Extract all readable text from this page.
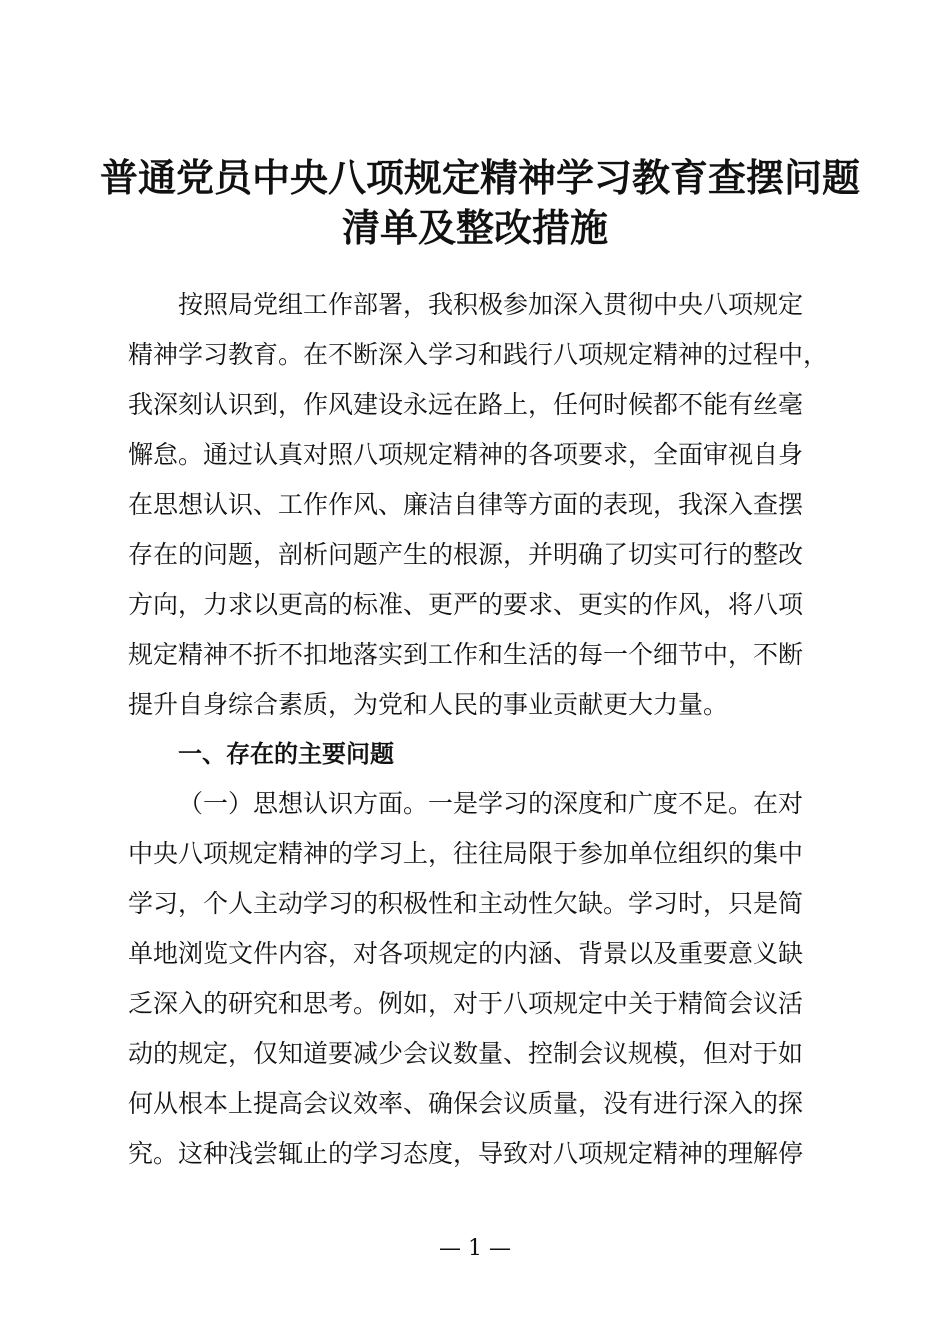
普通党员中央八项规定精神学习教育查摆问题
清单及整改措施
按照局党组工作部署，我积极参加深入贯彻中央八项规定
精神学习教育。在不断深入学习和践行八项规定精神的过程中，
我深刻认识到，作风建设永远在路上，任何时候都不能有丝毫
懈怠。通过认真对照八项规定精神的各项要求，全面审视自身
在思想认识、工作作风、廉洁自律等方面的表现，我深入查摆
存在的问题，剖析问题产生的根源，并明确了切实可行的整改
方向，力求以更高的标准、更严的要求、更实的作风，将八项
规定精神不折不扣地落实到工作和生活的每一个细节中，不断
提升自身综合素质，为党和人民的事业贡献更大力量。
一、存在的主要问题
（一）思想认识方面。一是学习的深度和广度不足。在对
中央八项规定精神的学习上，往往局限于参加单位组织的集中
学习，个人主动学习的积极性和主动性欠缺。学习时，只是简
单地浏览文件内容，对各项规定的内涵、背景以及重要意义缺
乏深入的研究和思考。例如，对于八项规定中关于精简会议活
动的规定，仅知道要减少会议数量、控制会议规模，但对于如
何从根本上提高会议效率、确保会议质量，没有进行深入的探
究。这种浅尝辄止的学习态度，导致对八项规定精神的理解停
— 1 —
